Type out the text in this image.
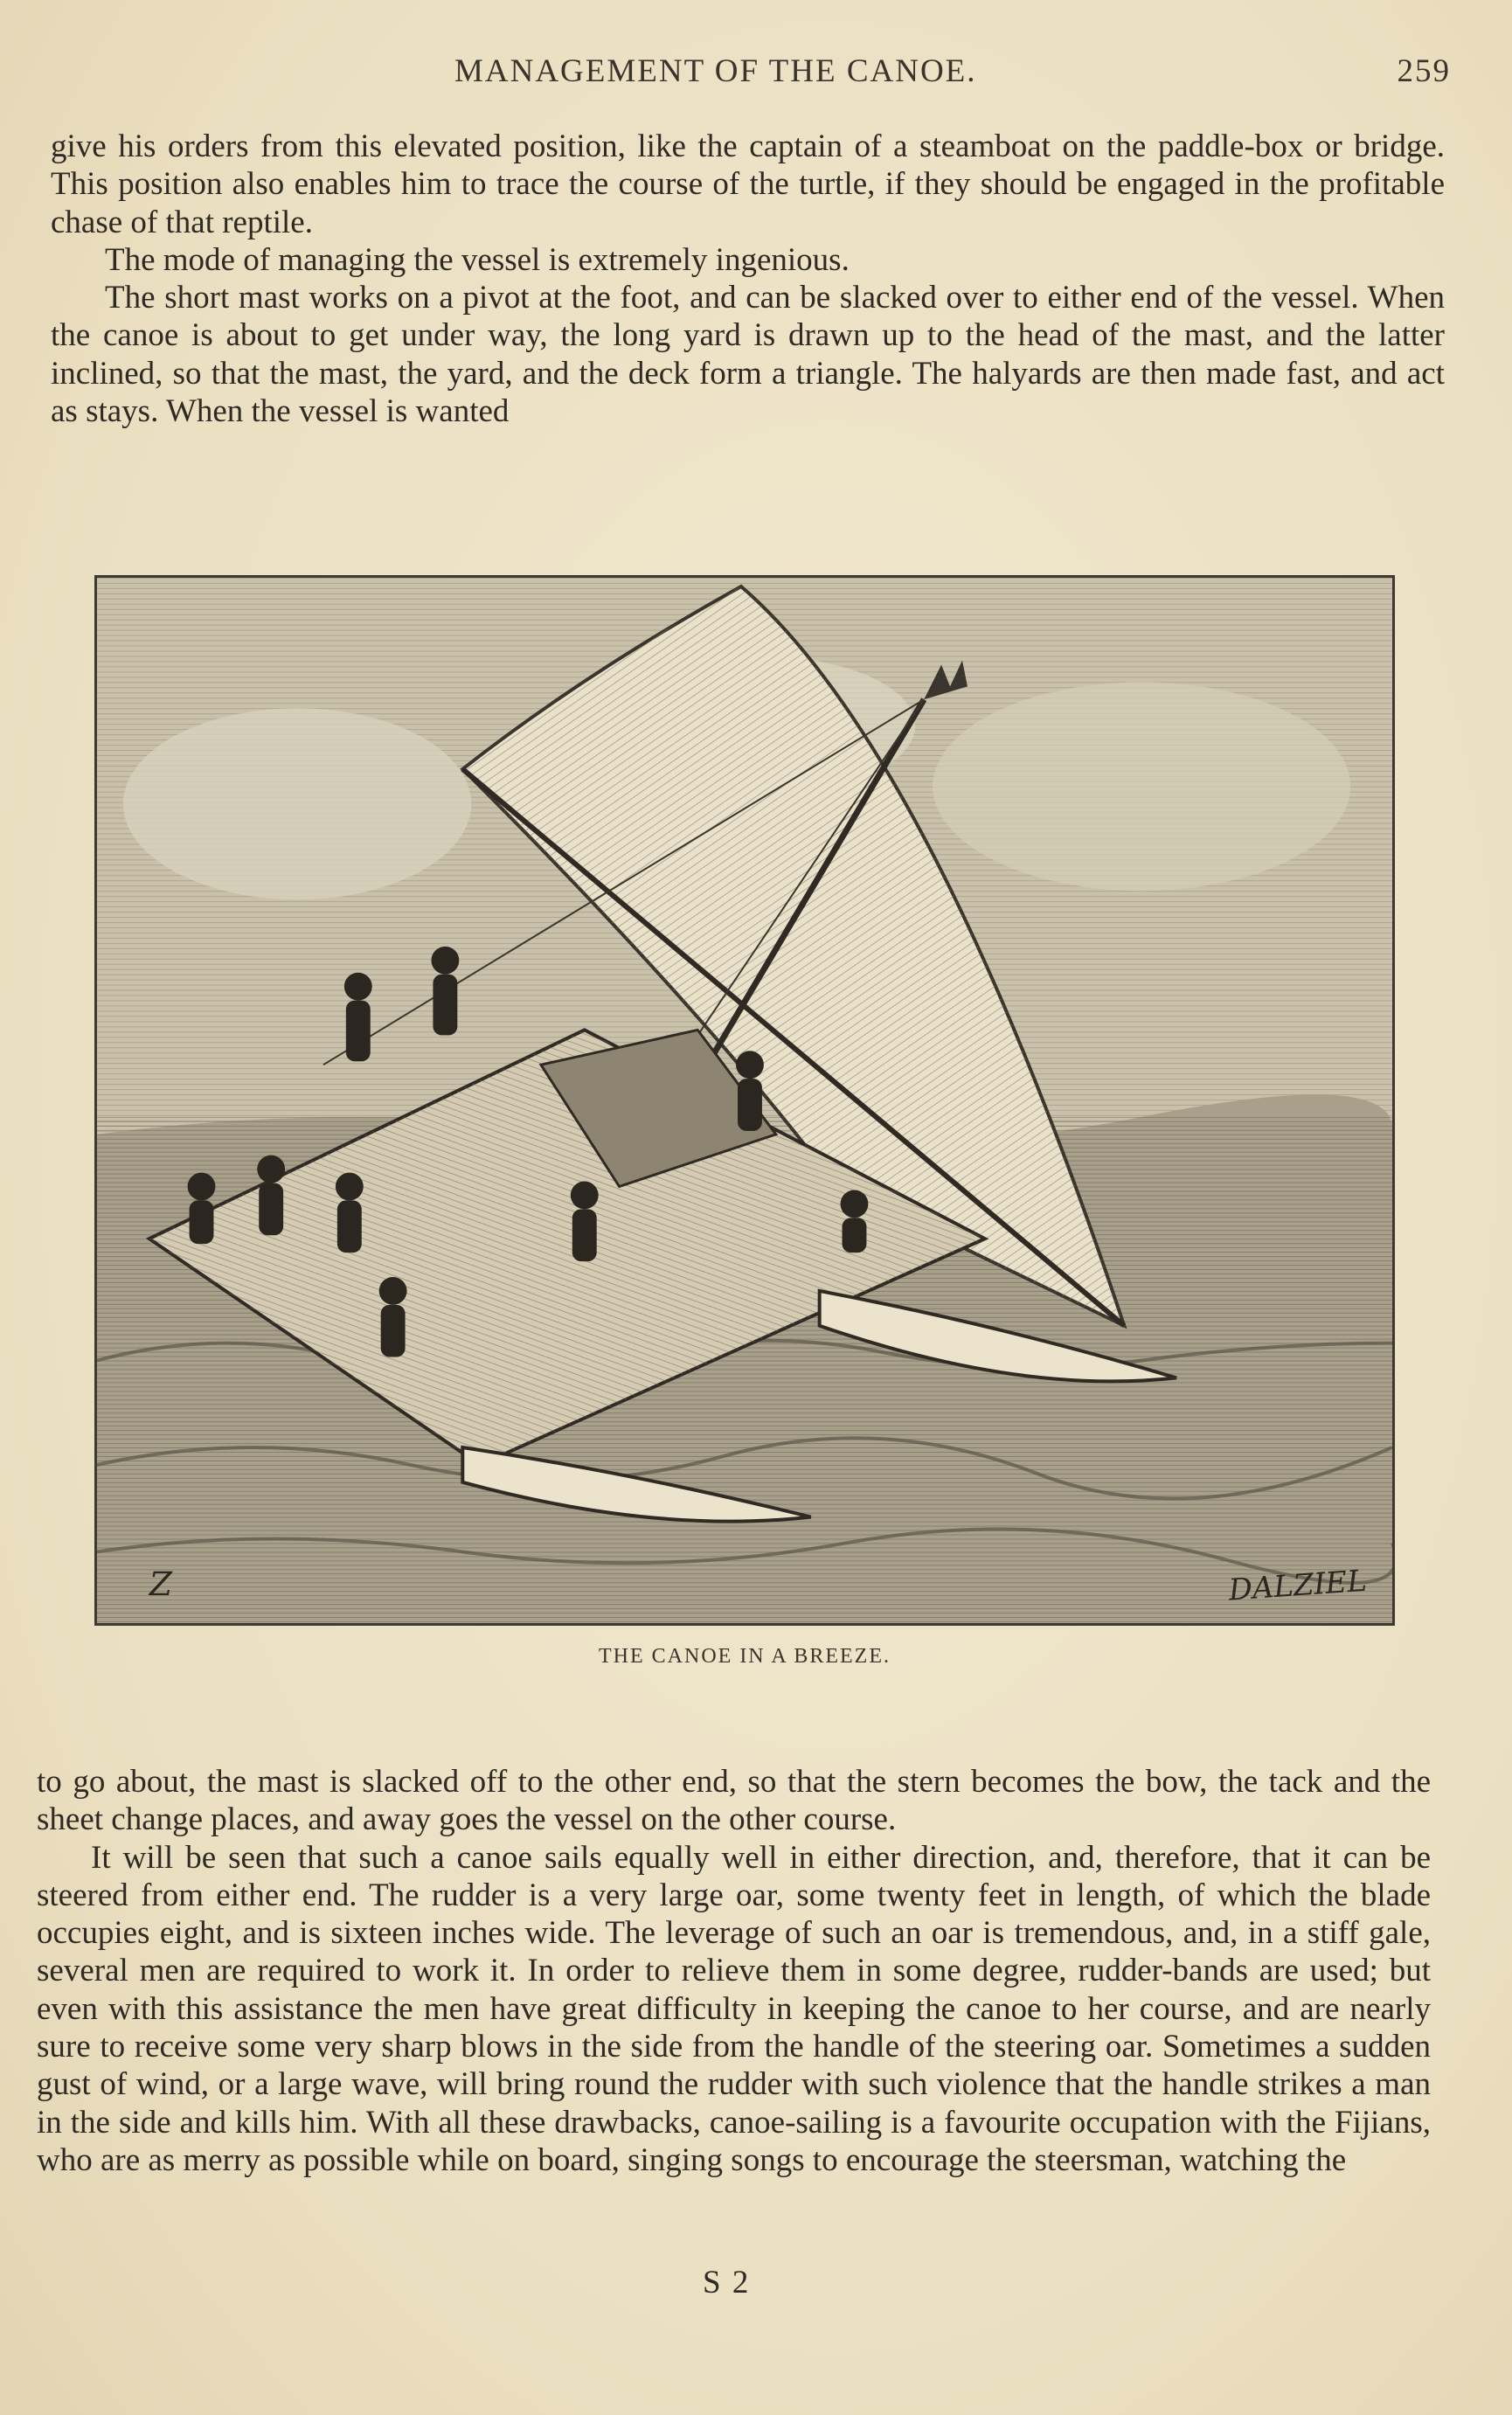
MANAGEMENT OF THE CANOE.	259

give his orders from this elevated position, like the captain of a steamboat on the paddle-box or bridge. This position also enables him to trace the course of the turtle, if they should be engaged in the profitable chase of that reptile.

The mode of managing the vessel is extremely ingenious.

The short mast works on a pivot at the foot, and can be slacked over to either end of the vessel. When the canoe is about to get under way, the long yard is drawn up to the head of the mast, and the latter inclined, so that the mast, the yard, and the deck form a triangle. The halyards are then made fast, and act as stays. When the vessel is wanted

Z	DALZIEL
THE CANOE IN A BREEZE.

to go about, the mast is slacked off to the other end, so that the stern becomes the bow, the tack and the sheet change places, and away goes the vessel on the other course.

It will be seen that such a canoe sails equally well in either direction, and, therefore, that it can be steered from either end. The rudder is a very large oar, some twenty feet in length, of which the blade occupies eight, and is sixteen inches wide. The leverage of such an oar is tremendous, and, in a stiff gale, several men are required to work it. In order to relieve them in some degree, rudder-bands are used; but even with this assistance the men have great difficulty in keeping the canoe to her course, and are nearly sure to receive some very sharp blows in the side from the handle of the steering oar. Sometimes a sudden gust of wind, or a large wave, will bring round the rudder with such violence that the handle strikes a man in the side and kills him. With all these drawbacks, canoe-sailing is a favourite occupation with the Fijians, who are as merry as possible while on board, singing songs to encourage the steersman, watching the

S 2
